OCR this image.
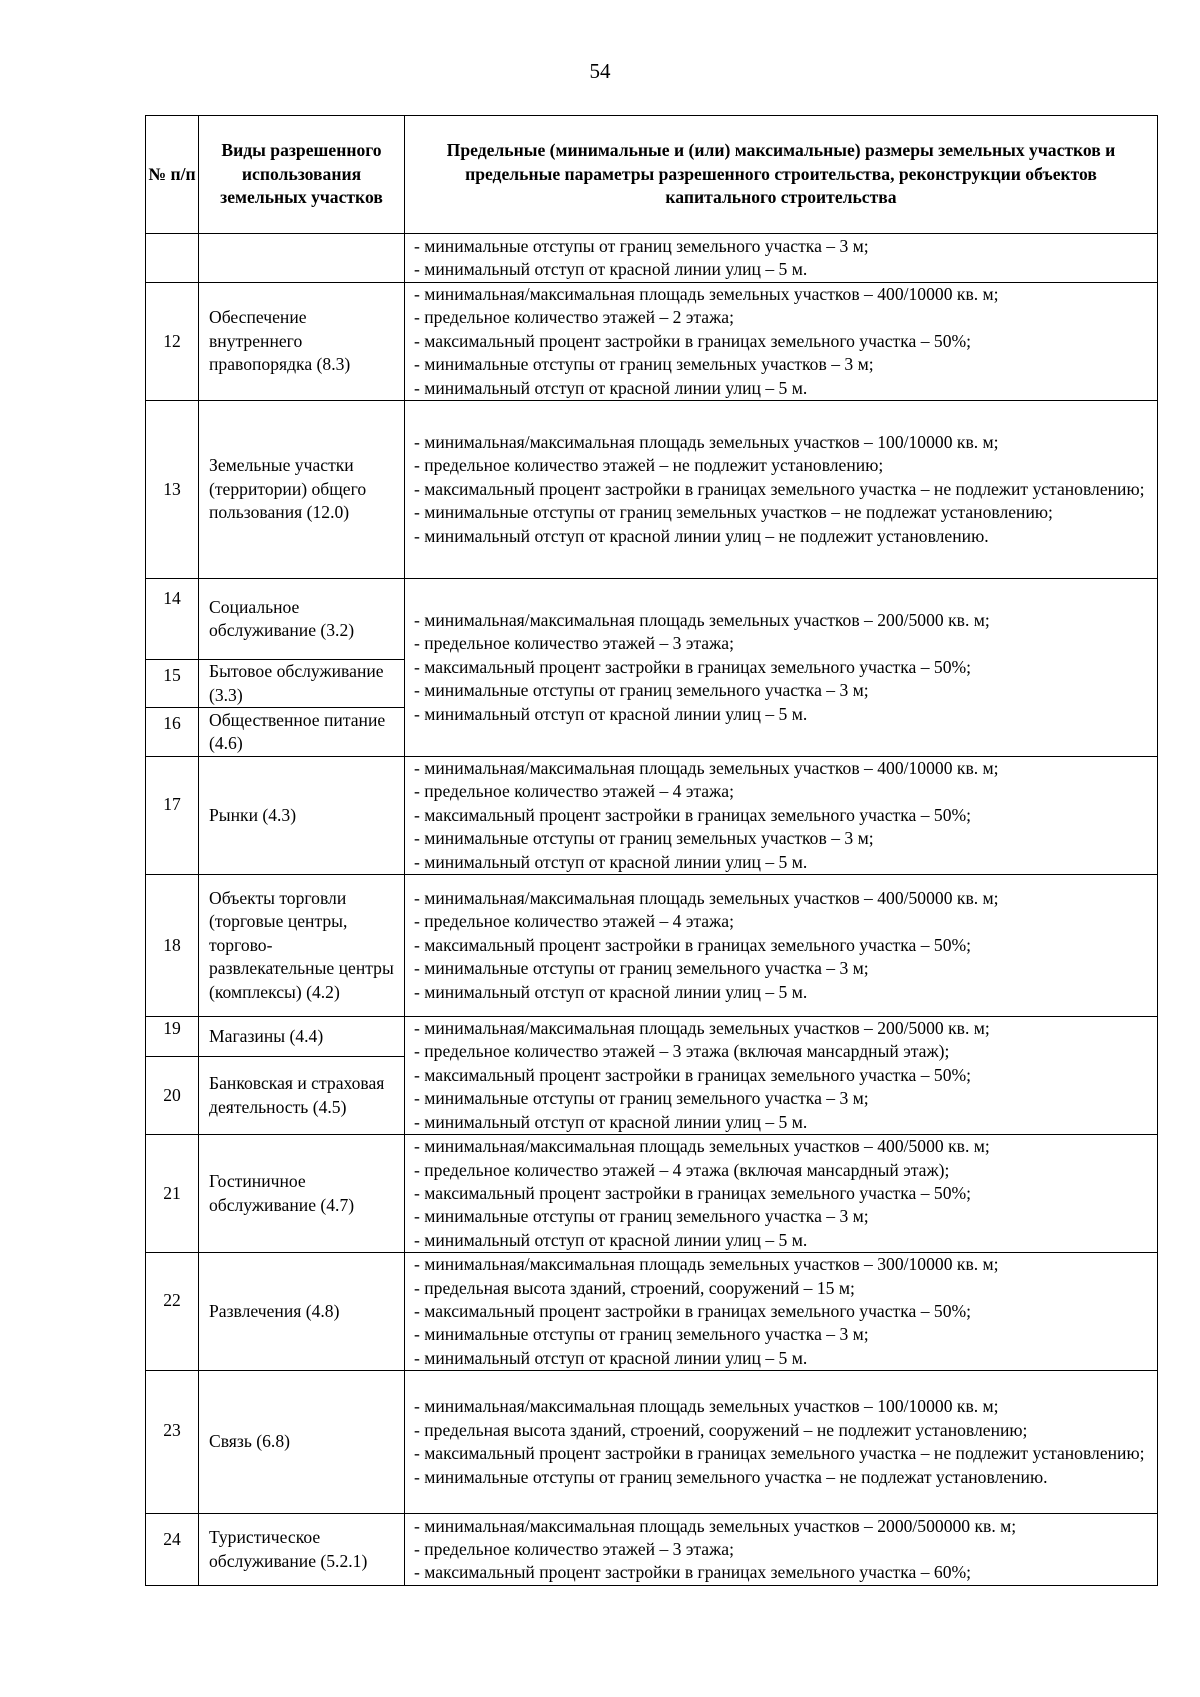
54
№ п/п	Виды разрешенного использования земельных участков	Предельные (минимальные и (или) максимальные) размеры земельных участков и предельные параметры разрешенного строительства, реконструкции объектов капитального строительства

		- минимальные отступы от границ земельного участка – 3 м;
- минимальный отступ от красной линии улиц – 5 м.

12	Обеспечение внутреннего правопорядка (8.3)	- минимальная/максимальная площадь земельных участков – 400/10000 кв. м;
- предельное количество этажей – 2 этажа;
- максимальный процент застройки в границах земельного участка – 50%;
- минимальные отступы от границ земельных участков – 3 м;
- минимальный отступ от красной линии улиц – 5 м.

13	Земельные участки (территории) общего пользования (12.0)	- минимальная/максимальная площадь земельных участков – 100/10000 кв. м;
- предельное количество этажей – не подлежит установлению;
- максимальный процент застройки в границах земельного участка – не подлежит установлению;
- минимальные отступы от границ земельных участков – не подлежат установлению;
- минимальный отступ от красной линии улиц – не подлежит установлению.

14	Социальное обслуживание (3.2)	- минимальная/максимальная площадь земельных участков – 200/5000 кв. м;
- предельное количество этажей – 3 этажа;
- максимальный процент застройки в границах земельного участка – 50%;
- минимальные отступы от границ земельного участка – 3 м;
- минимальный отступ от красной линии улиц – 5 м.

15	Бытовое обслуживание (3.3)	
16	Общественное питание (4.6)	
17	Рынки (4.3)	- минимальная/максимальная площадь земельных участков – 400/10000 кв. м;
- предельное количество этажей – 4 этажа;
- максимальный процент застройки в границах земельного участка – 50%;
- минимальные отступы от границ земельных участков – 3 м;
- минимальный отступ от красной линии улиц – 5 м.

18	Объекты торговли (торговые центры, торгово-развлекательные центры (комплексы) (4.2)	- минимальная/максимальная площадь земельных участков – 400/50000 кв. м;
- предельное количество этажей – 4 этажа;
- максимальный процент застройки в границах земельного участка – 50%;
- минимальные отступы от границ земельного участка – 3 м;
- минимальный отступ от красной линии улиц – 5 м.

19	Магазины (4.4)	- минимальная/максимальная площадь земельных участков – 200/5000 кв. м;
- предельное количество этажей – 3 этажа (включая мансардный этаж);
- максимальный процент застройки в границах земельного участка – 50%;
- минимальные отступы от границ земельного участка – 3 м;
- минимальный отступ от красной линии улиц – 5 м.

20	Банковская и страховая деятельность (4.5)	
21	Гостиничное обслуживание (4.7)	- минимальная/максимальная площадь земельных участков – 400/5000 кв. м;
- предельное количество этажей – 4 этажа (включая мансардный этаж);
- максимальный процент застройки в границах земельного участка – 50%;
- минимальные отступы от границ земельного участка – 3 м;
- минимальный отступ от красной линии улиц – 5 м.

22	Развлечения (4.8)	- минимальная/максимальная площадь земельных участков – 300/10000 кв. м;
- предельная высота зданий, строений, сооружений – 15 м;
- максимальный процент застройки в границах земельного участка – 50%;
- минимальные отступы от границ земельного участка – 3 м;
- минимальный отступ от красной линии улиц – 5 м.

23	Связь (6.8)	- минимальная/максимальная площадь земельных участков – 100/10000 кв. м;
- предельная высота зданий, строений, сооружений – не подлежит установлению;
- максимальный процент застройки в границах земельного участка – не подлежит установлению;
- минимальные отступы от границ земельного участка – не подлежат установлению.

24	Туристическое обслуживание (5.2.1)	- минимальная/максимальная площадь земельных участков – 2000/500000 кв. м;
- предельное количество этажей – 3 этажа;
- максимальный процент застройки в границах земельного участка – 60%;
